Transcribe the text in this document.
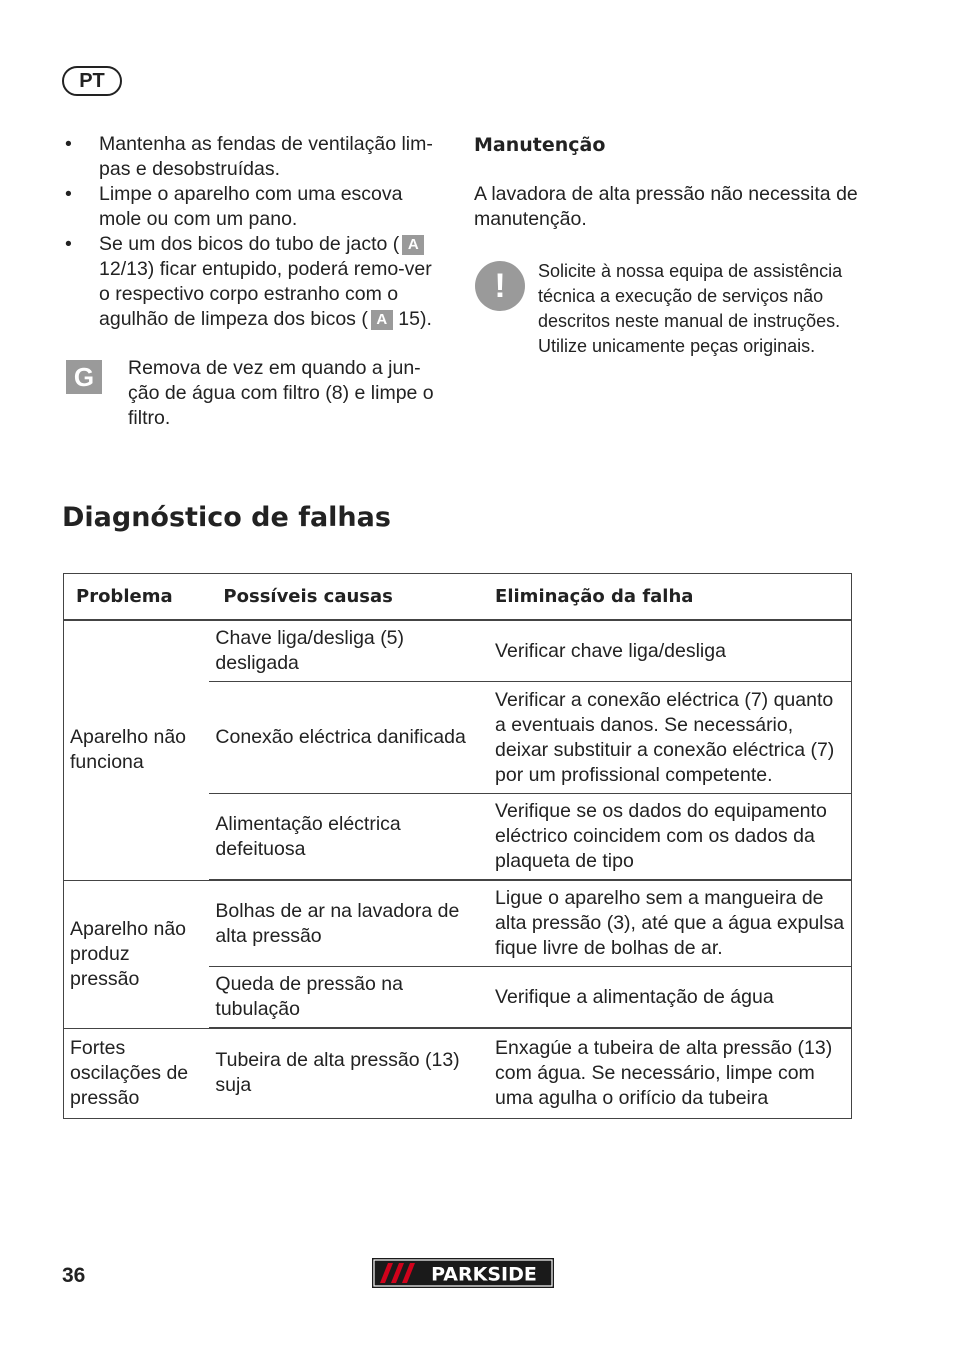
PT
• Mantenha as fendas de ventilação lim-pas e desobstruídas.
• Limpe o aparelho com uma escova mole ou com um pano.
• Se um dos bicos do tubo de jacto ( A 12/13) ficar entupido, poderá remo-ver o respectivo corpo estranho com o agulhão de limpeza dos bicos ( A 15).
G	Remova de vez em quando a jun-ção de água com filtro (8) e limpe o filtro.
Manutenção
A lavadora de alta pressão não necessita de manutenção.
!	Solicite à nossa equipa de assistência técnica a execução de serviços não descritos neste manual de instruções. Utilize unicamente peças originais.
Diagnóstico de falhas
Problema	Possíveis causas	Eliminação da falha
Aparelho não funciona	Chave liga/desliga (5) desligada	Verificar chave liga/desliga
	Conexão eléctrica danificada	Verificar a conexão eléctrica (7) quanto a eventuais danos. Se necessário, deixar substituir a conexão eléctrica (7) por um profissional competente.
	Alimentação eléctrica defeituosa	Verifique se os dados do equipamento eléctrico coincidem com os dados da plaqueta de tipo
Aparelho não produz pressão	Bolhas de ar na lavadora de alta pressão	Ligue o aparelho sem a mangueira de alta pressão (3), até que a água expulsa fique livre de bolhas de ar.
	Queda de pressão na tubulação	Verifique a alimentação de água
Fortes oscilações de pressão	Tubeira de alta pressão (13) suja	Enxagúe a tubeira de alta pressão (13) com água. Se necessário, limpe com uma agulha o orifício da tubeira
36	PARKSIDE
